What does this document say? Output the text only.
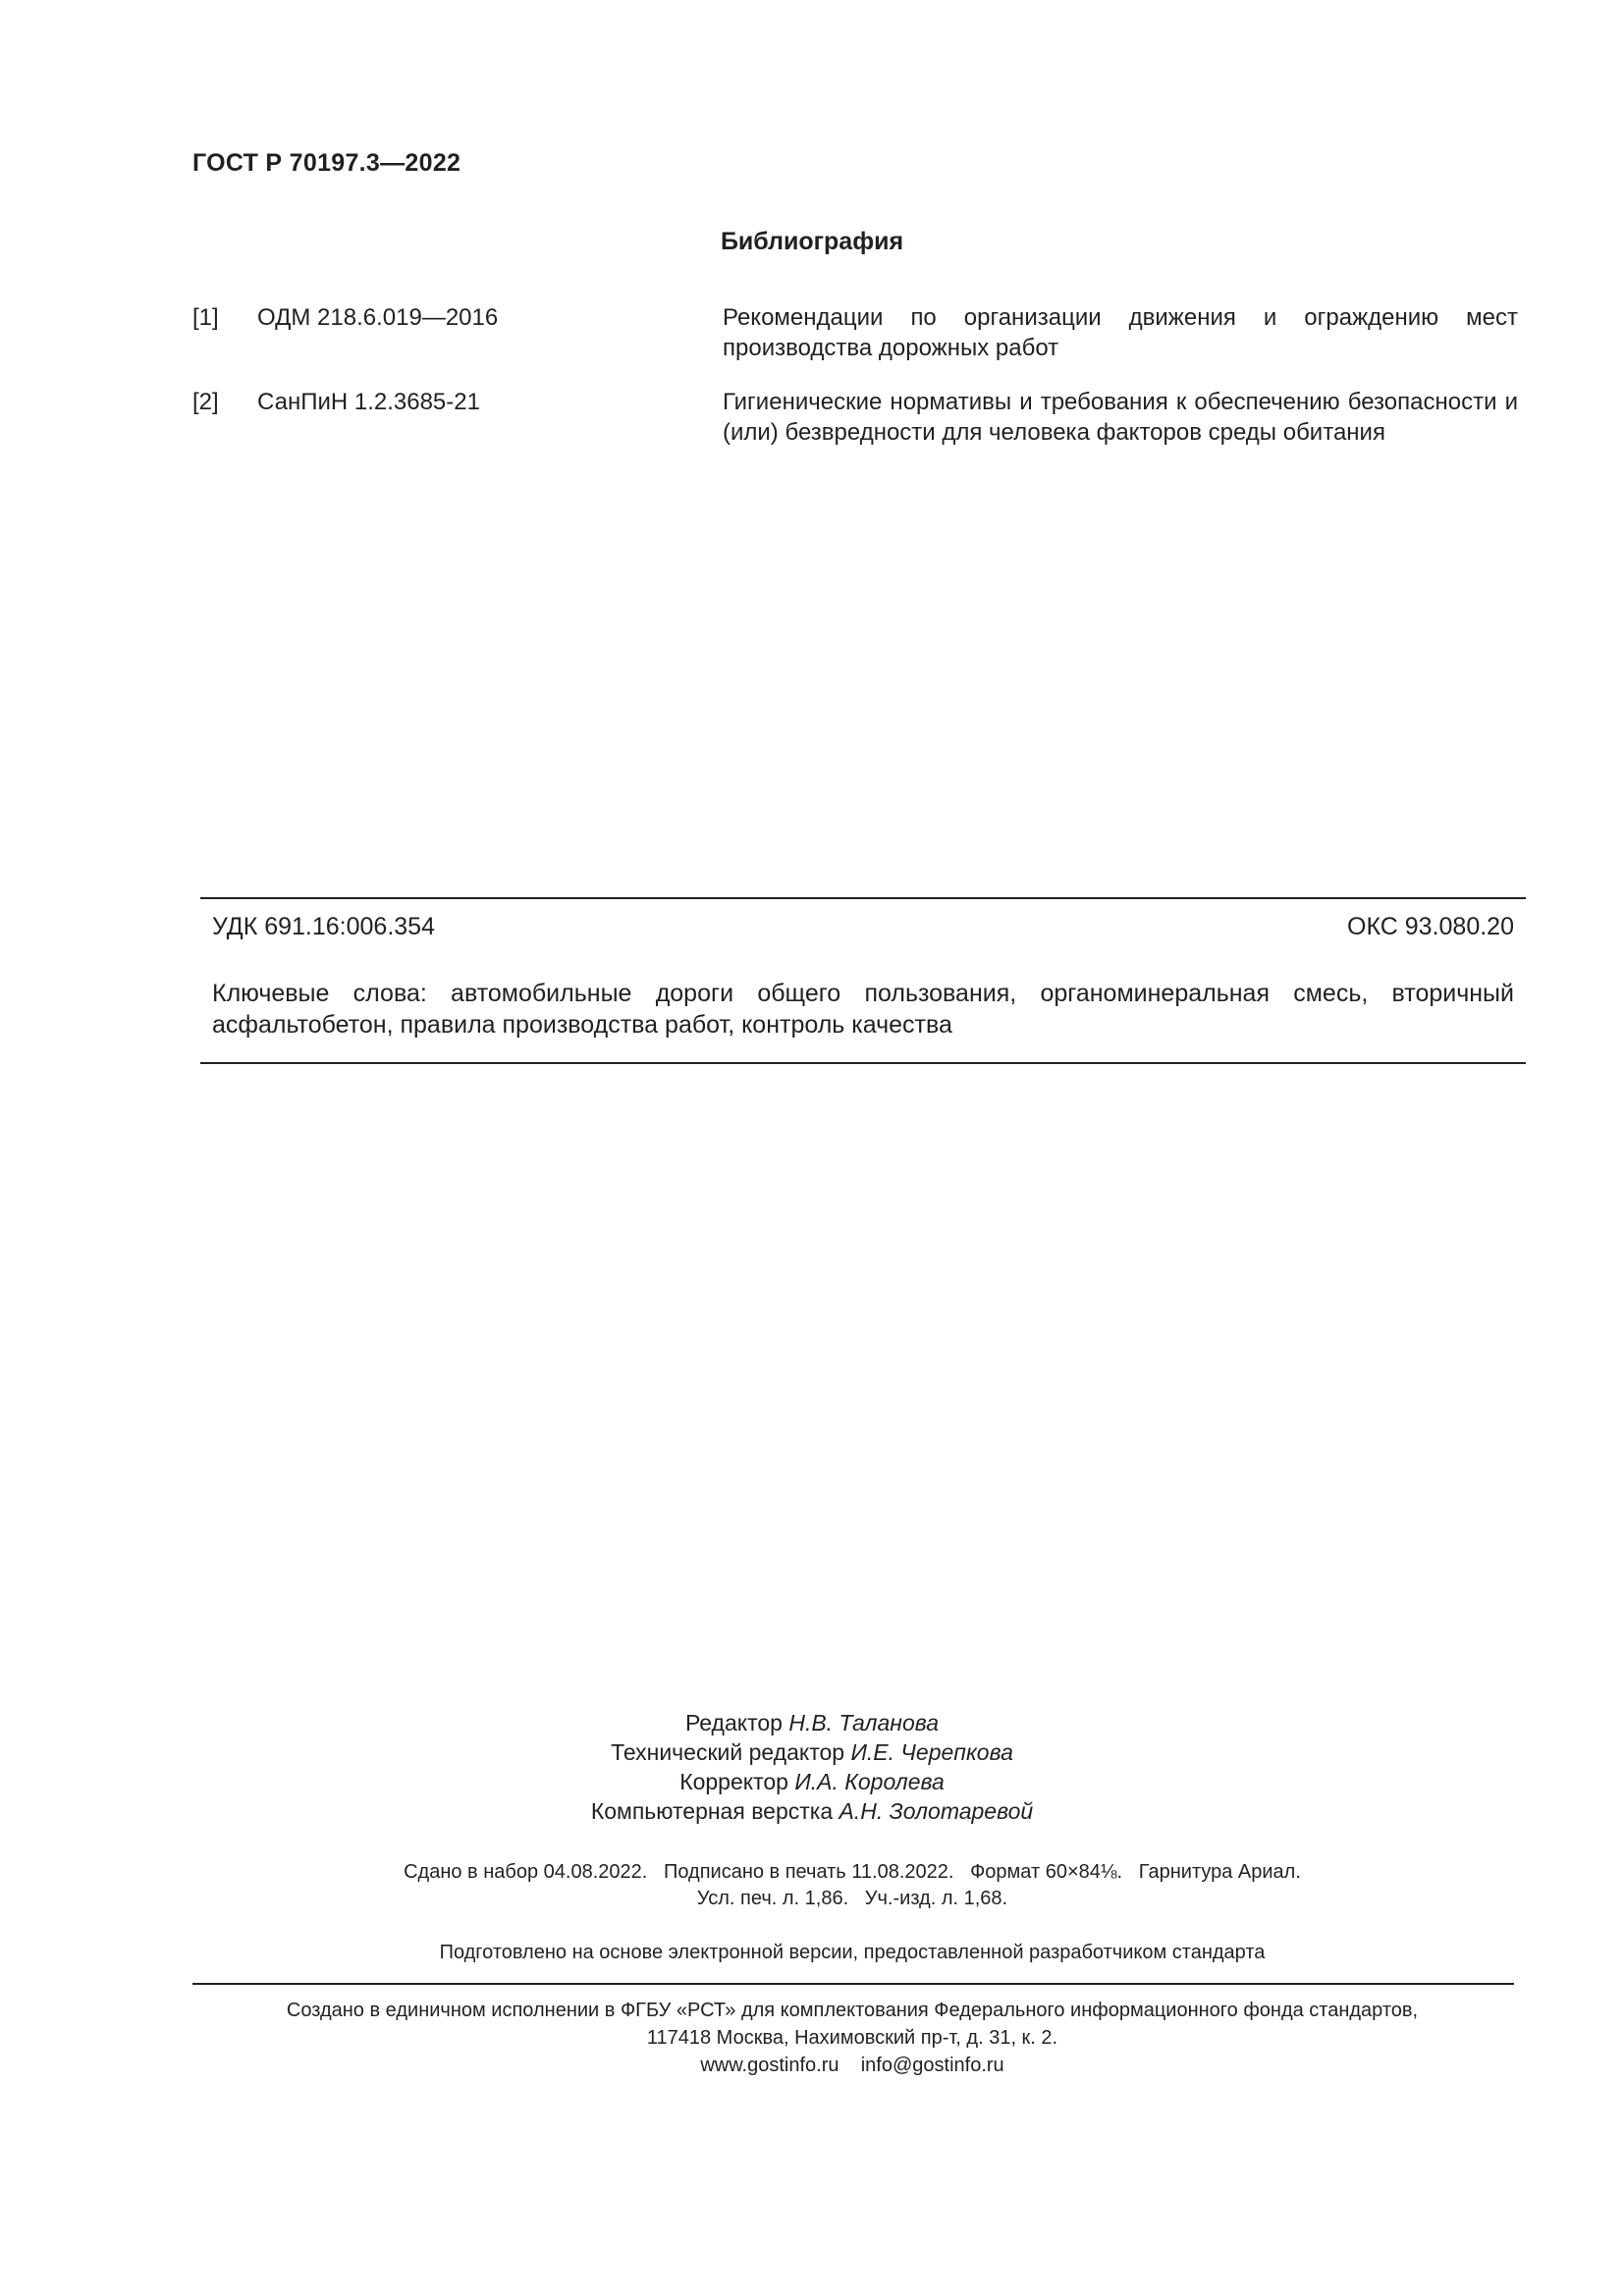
ГОСТ Р 70197.3—2022
Библиография
[1] ОДМ 218.6.019—2016	Рекомендации по организации движения и ограждению мест производства дорожных работ
[2] СанПиН 1.2.3685-21	Гигиенические нормативы и требования к обеспечению безопасности и (или) безвредности для человека факторов среды обитания
УДК 691.16:006.354	ОКС 93.080.20
Ключевые слова: автомобильные дороги общего пользования, органоминеральная смесь, вторичный асфальтобетон, правила производства работ, контроль качества
Редактор Н.В. Таланова
Технический редактор И.Е. Черепкова
Корректор И.А. Королева
Компьютерная верстка А.Н. Золотаревой
Сдано в набор 04.08.2022.   Подписано в печать 11.08.2022.   Формат 60×84⅛.   Гарнитура Ариал.
Усл. печ. л. 1,86.   Уч.-изд. л. 1,68.
Подготовлено на основе электронной версии, предоставленной разработчиком стандарта
Создано в единичном исполнении в ФГБУ «РСТ» для комплектования Федерального информационного фонда стандартов,
117418 Москва, Нахимовский пр-т, д. 31, к. 2.
www.gostinfo.ru    info@gostinfo.ru
